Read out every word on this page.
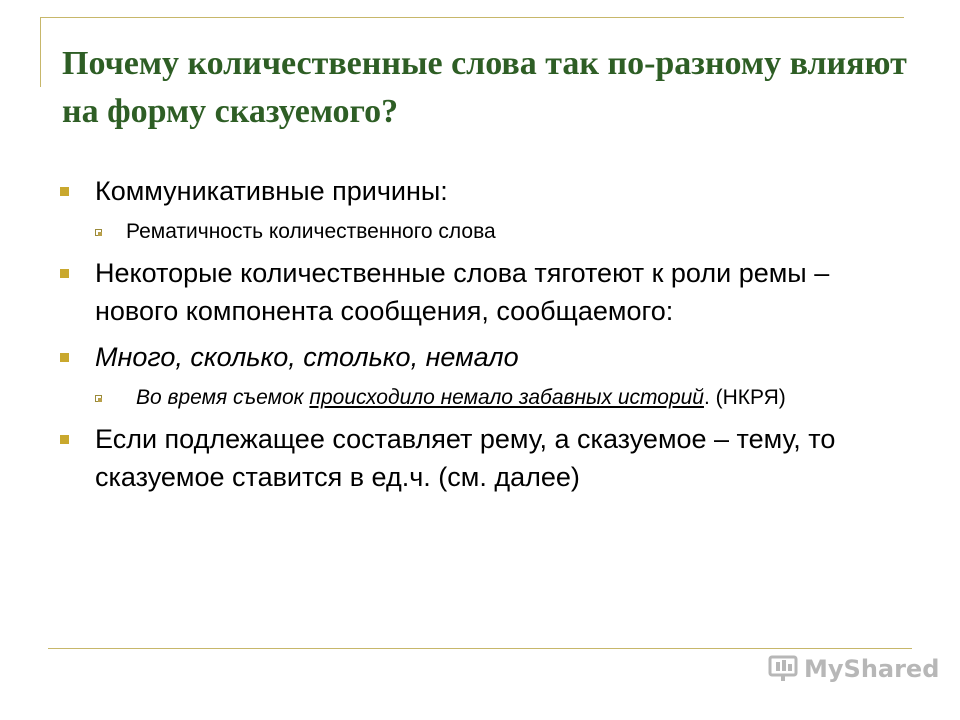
Почему количественные слова так по-разному влияют на форму сказуемого?
Коммуникативные причины:
Рематичность количественного слова
Некоторые количественные слова тяготеют к роли ремы – нового компонента сообщения, сообщаемого:
Много, сколько, столько, немало
Во время съемок происходило немало забавных историй. (НКРЯ)
Если подлежащее составляет рему, а сказуемое – тему, то сказуемое ставится в ед.ч. (см. далее)
MyShared
